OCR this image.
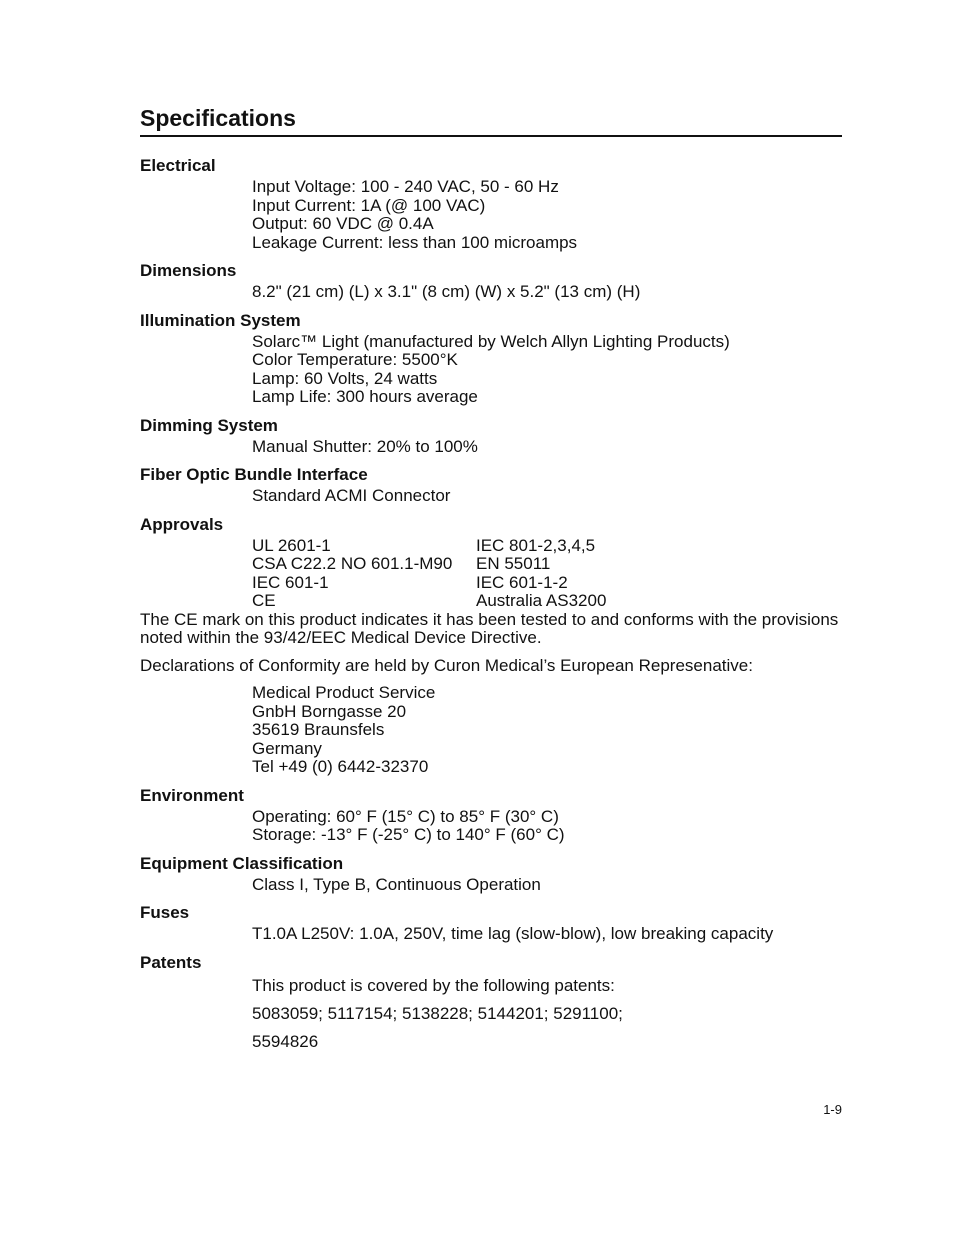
Specifications
Electrical
Input Voltage: 100 - 240 VAC, 50 - 60 Hz
Input Current: 1A (@ 100 VAC)
Output: 60 VDC @ 0.4A
Leakage Current: less than 100 microamps
Dimensions
8.2" (21 cm) (L) x 3.1" (8 cm) (W) x 5.2" (13 cm) (H)
Illumination System
Solarc™ Light (manufactured by Welch Allyn Lighting Products)
Color Temperature: 5500°K
Lamp: 60 Volts, 24 watts
Lamp Life: 300 hours average
Dimming System
Manual Shutter: 20% to 100%
Fiber Optic Bundle Interface
Standard ACMI Connector
Approvals
UL 2601-1	IEC 801-2,3,4,5
CSA C22.2 NO 601.1-M90	EN 55011
IEC 601-1	IEC 601-1-2
CE	Australia AS3200

The CE mark on this product indicates it has been tested to and conforms with the provisions noted within the 93/42/EEC Medical Device Directive.

Declarations of Conformity are held by Curon Medical’s European Represenative:

Medical Product Service
GnbH Borngasse 20
35619 Braunsfels
Germany
Tel +49 (0) 6442-32370
Environment
Operating: 60° F (15° C) to 85° F (30° C)
Storage: -13° F (-25° C) to 140° F (60° C)
Equipment Classification
Class I, Type B, Continuous Operation
Fuses
T1.0A L250V: 1.0A, 250V, time lag (slow-blow), low breaking capacity
Patents
This product is covered by the following patents:
5083059; 5117154; 5138228; 5144201; 5291100;
5594826
1-9
